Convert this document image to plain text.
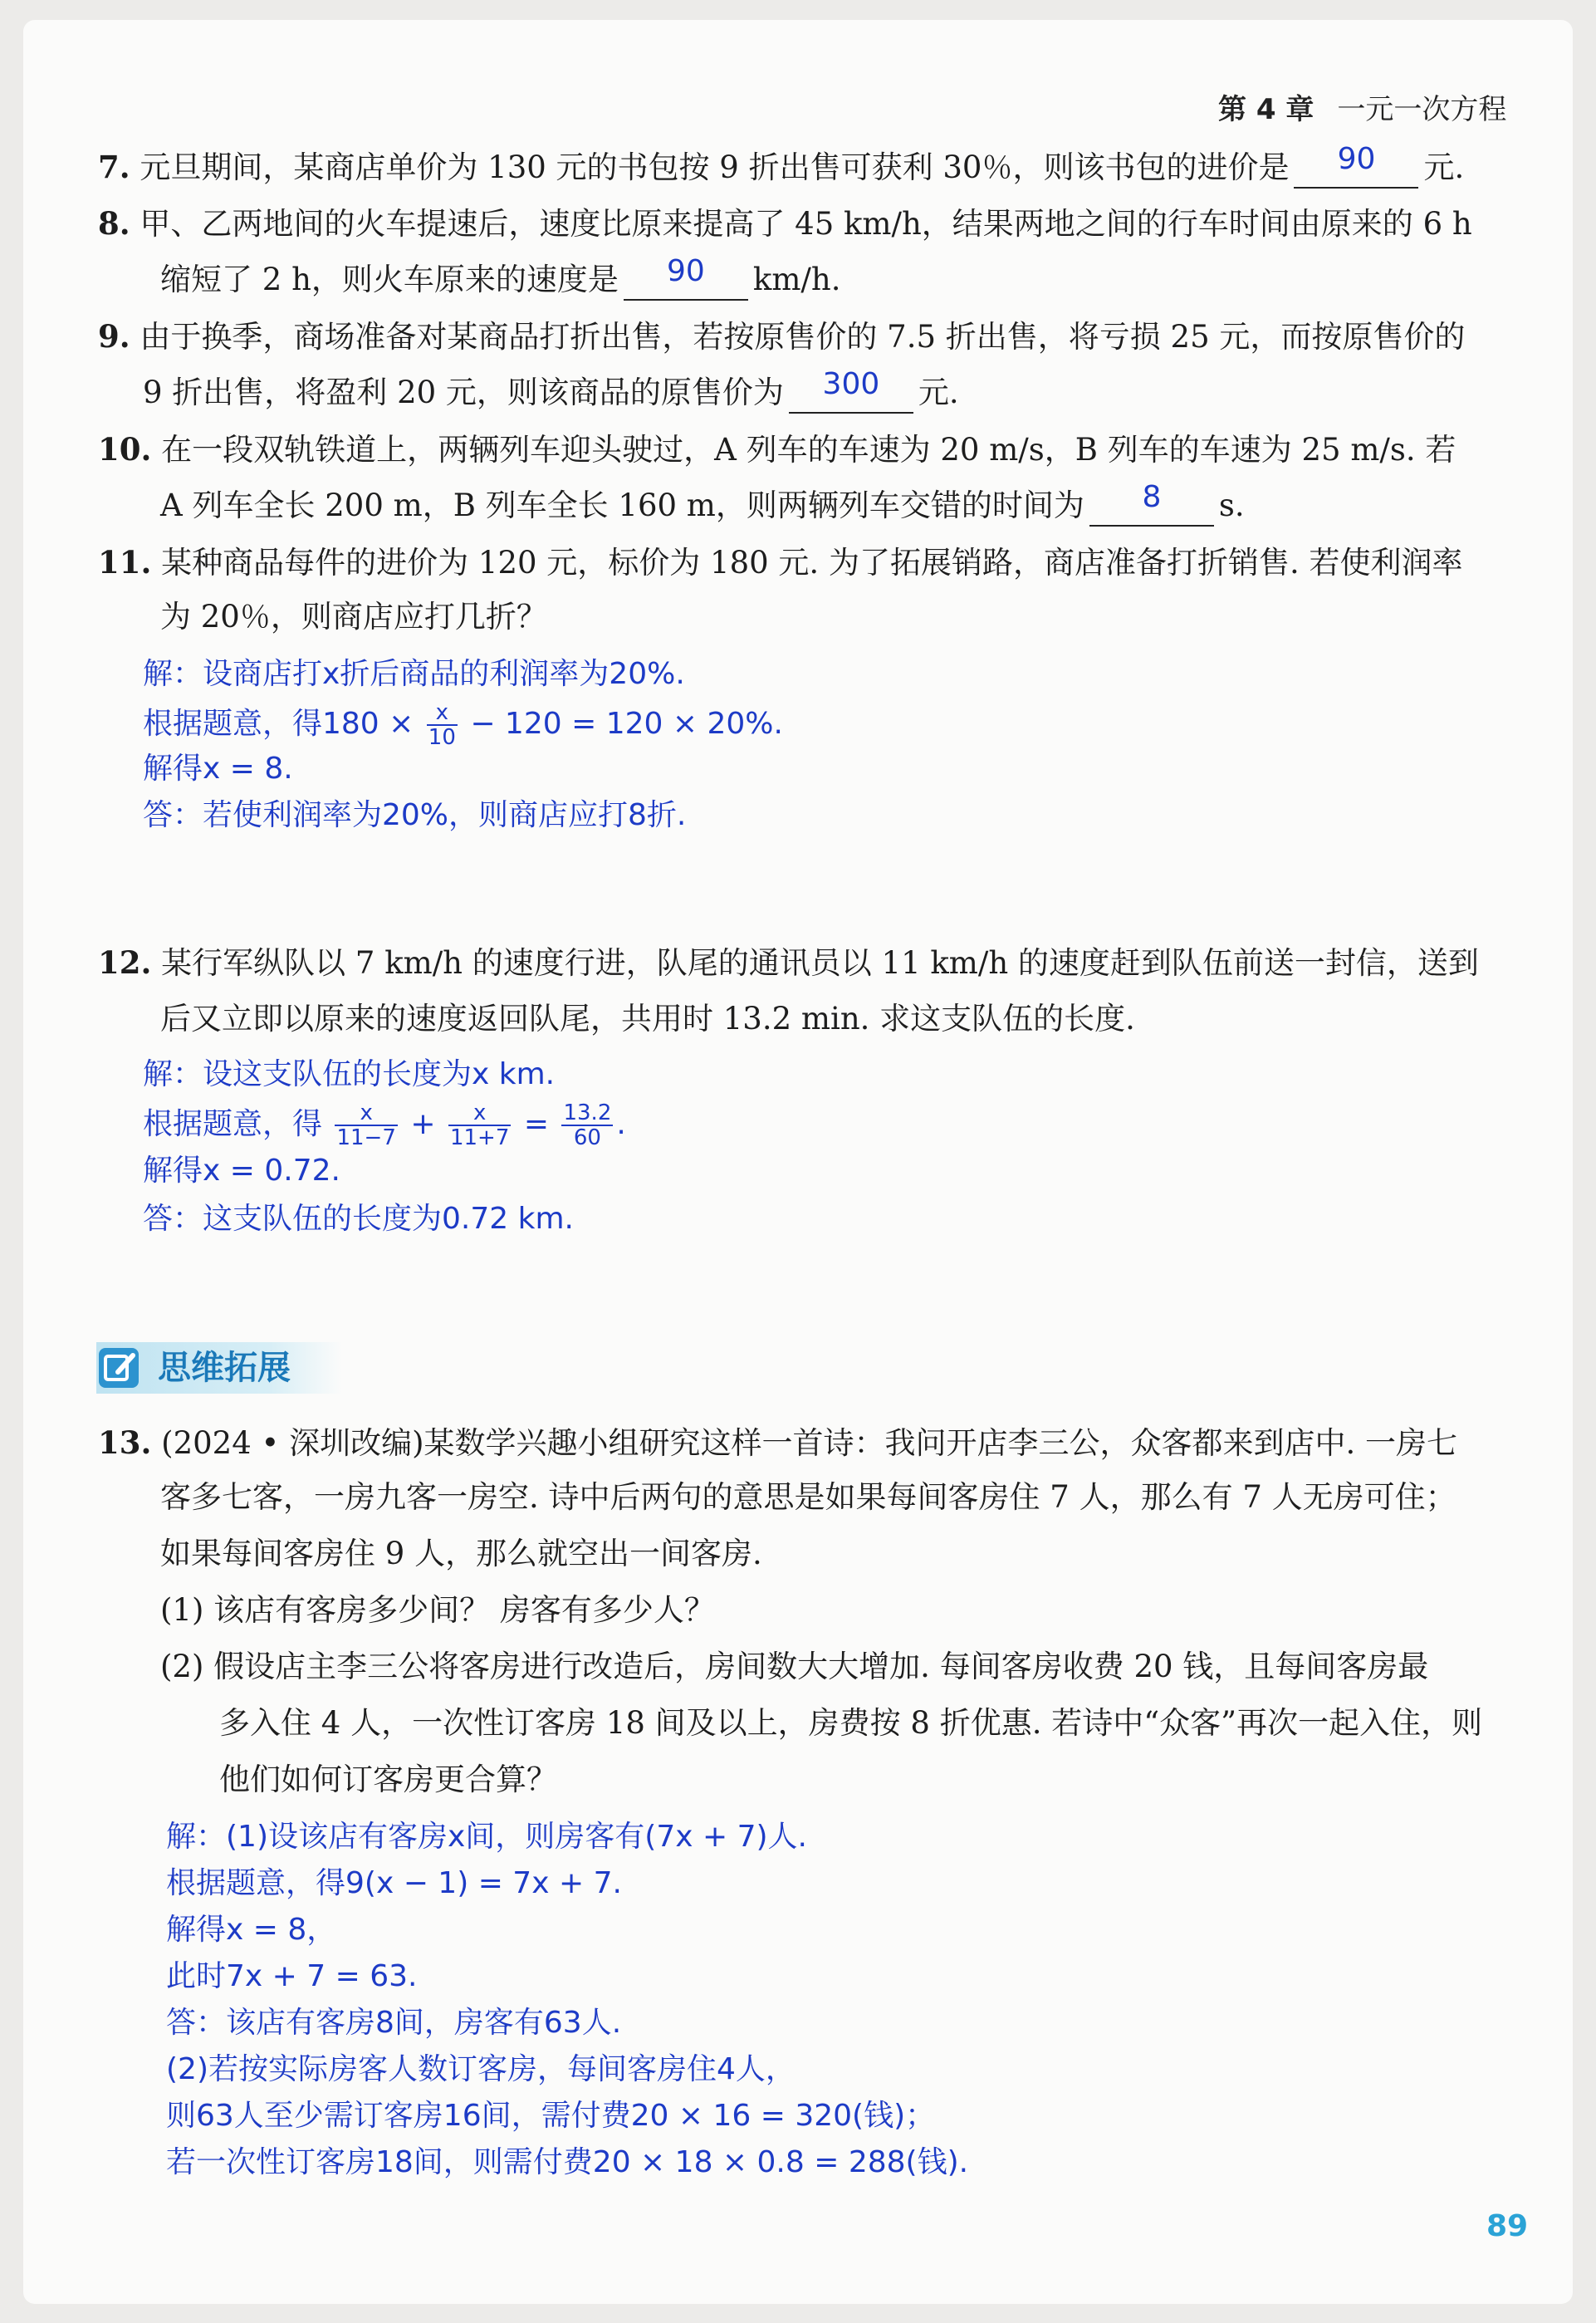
第 4 章 一元一次方程
7. 元旦期间，某商店单价为 130 元的书包按 9 折出售可获利 30％，则该书包的进价是	90	元.
8. 甲、乙两地间的火车提速后，速度比原来提高了 45 km/h，结果两地之间的行车时间由原来的 6 h
缩短了 2 h，则火车原来的速度是	90	km/h.
9. 由于换季，商场准备对某商品打折出售，若按原售价的 7.5 折出售，将亏损 25 元，而按原售价的
9 折出售，将盈利 20 元，则该商品的原售价为	300	元.
10. 在一段双轨铁道上，两辆列车迎头驶过，A 列车的车速为 20 m/s，B 列车的车速为 25 m/s. 若
A 列车全长 200 m，B 列车全长 160 m，则两辆列车交错的时间为	8	s.
11. 某种商品每件的进价为 120 元，标价为 180 元. 为了拓展销路，商店准备打折销售. 若使利润率
为 20％，则商店应打几折？
解：设商店打x折后商品的利润率为20%.
根据题意，得$180 \times \frac{x}{10} - 120 = 120 \times 20\%$.
解得x = 8.
答：若使利润率为20%，则商店应打8折.
12. 某行军纵队以 7 km/h 的速度行进，队尾的通讯员以 11 km/h 的速度赶到队伍前送一封信，送到
后又立即以原来的速度返回队尾，共用时 13.2 min. 求这支队伍的长度.
解：设这支队伍的长度为x km.
根据题意，得 $\frac{x}{11-7} + \frac{x}{11+7} = \frac{13.2}{60}$ .
解得x = 0.72.
答：这支队伍的长度为0.72 km.
思维拓展
13. (2024 • 深圳改编)某数学兴趣小组研究这样一首诗：我问开店李三公，众客都来到店中. 一房七
客多七客，一房九客一房空. 诗中后两句的意思是如果每间客房住 7 人，那么有 7 人无房可住；
如果每间客房住 9 人，那么就空出一间客房.
(1) 该店有客房多少间？ 房客有多少人？
(2) 假设店主李三公将客房进行改造后，房间数大大增加. 每间客房收费 20 钱，且每间客房最
多入住 4 人，一次性订客房 18 间及以上，房费按 8 折优惠. 若诗中“众客”再次一起入住，则
他们如何订客房更合算？
解：(1)设该店有客房x间，则房客有(7x + 7)人.
根据题意，得9(x − 1) = 7x + 7.
解得x = 8，
此时7x + 7 = 63.
答：该店有客房8间，房客有63人.
(2)若按实际房客人数订客房，每间客房住4人，
则63人至少需订客房16间，需付费20 × 16 = 320(钱)；
若一次性订客房18间，则需付费20 × 18 × 0.8 = 288(钱).
89
